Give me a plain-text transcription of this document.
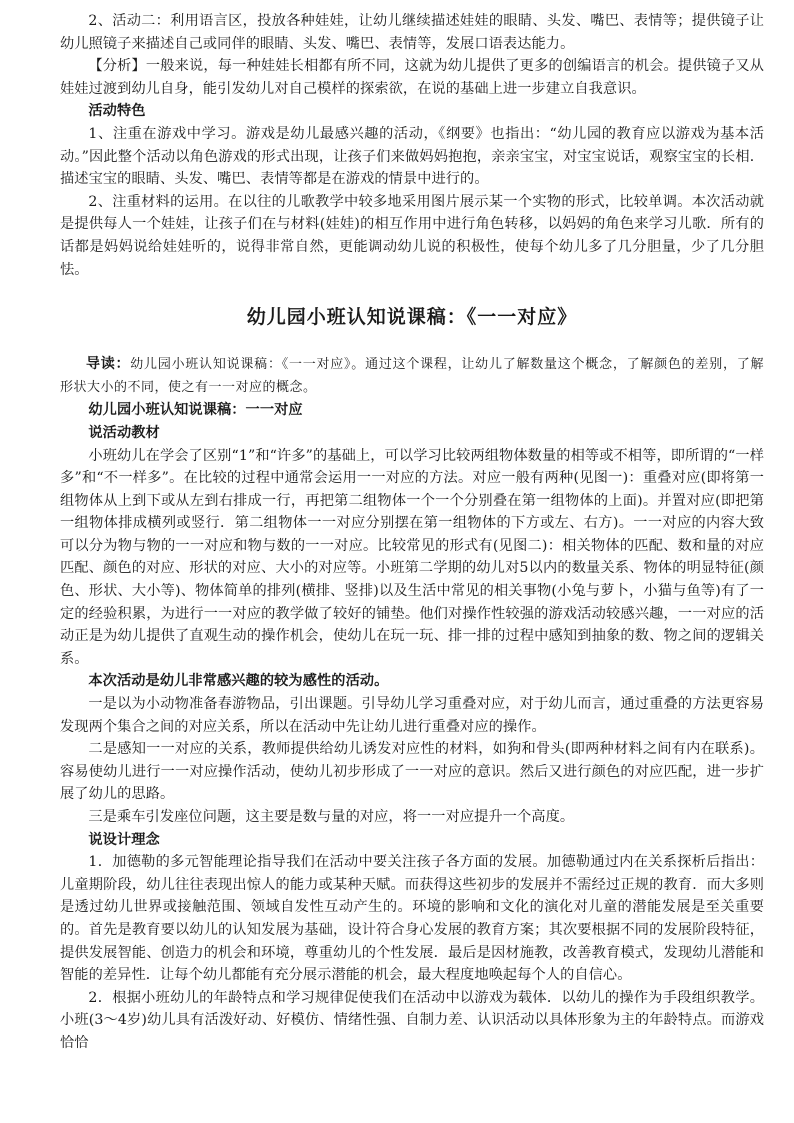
2、活动二：利用语言区，投放各种娃娃，让幼儿继续描述娃娃的眼睛、头发、嘴巴、表情等；提供镜子让幼儿照镜子来描述自己或同伴的眼睛、头发、嘴巴、表情等，发展口语表达能力。

【分析】一般来说，每一种娃娃长相都有所不同，这就为幼儿提供了更多的创编语言的机会。提供镜子又从娃娃过渡到幼儿自身，能引发幼儿对自己模样的探索欲，在说的基础上进一步建立自我意识。

活动特色

1、注重在游戏中学习。游戏是幼儿最感兴趣的活动，《纲要》也指出：“幼儿园的教育应以游戏为基本活动。”因此整个活动以角色游戏的形式出现，让孩子们来做妈妈抱抱，亲亲宝宝，对宝宝说话，观察宝宝的长相．描述宝宝的眼睛、头发、嘴巴、表情等都是在游戏的情景中进行的。

2、注重材料的运用。在以往的儿歌教学中较多地采用图片展示某一个实物的形式，比较单调。本次活动就是提供每人一个娃娃，让孩子们在与材料(娃娃)的相互作用中进行角色转移，以妈妈的角色来学习儿歌．所有的话都是妈妈说给娃娃听的，说得非常自然，更能调动幼儿说的积极性，使每个幼儿多了几分胆量，少了几分胆怯。

幼儿园小班认知说课稿：《一一对应》

导读：幼儿园小班认知说课稿：《一一对应》。通过这个课程，让幼儿了解数量这个概念，了解颜色的差别，了解形状大小的不同，使之有一一对应的概念。

幼儿园小班认知说课稿：一一对应

说活动教材

小班幼儿在学会了区别“1”和“许多”的基础上，可以学习比较两组物体数量的相等或不相等，即所谓的“一样多”和“不一样多”。在比较的过程中通常会运用一一对应的方法。对应一般有两种(见图一)：重叠对应(即将第一组物体从上到下或从左到右排成一行，再把第二组物体一个一个分别叠在第一组物体的上面)。并置对应(即把第一组物体排成横列或竖行．第二组物体一一对应分别摆在第一组物体的下方或左、右方)。一一对应的内容大致可以分为物与物的一一对应和物与数的一一对应。比较常见的形式有(见图二)：相关物体的匹配、数和量的对应匹配、颜色的对应、形状的对应、大小的对应等。小班第二学期的幼儿对5以内的数量关系、物体的明显特征(颜色、形状、大小等)、物体简单的排列(横排、竖排)以及生活中常见的相关事物(小兔与萝卜，小猫与鱼等)有了一定的经验积累，为进行一一对应的教学做了较好的铺垫。他们对操作性较强的游戏活动较感兴趣，一一对应的活动正是为幼儿提供了直观生动的操作机会，使幼儿在玩一玩、排一排的过程中感知到抽象的数、物之间的逻辑关系。

本次活动是幼儿非常感兴趣的较为感性的活动。

一是以为小动物准备春游物品，引出课题。引导幼儿学习重叠对应，对于幼儿而言，通过重叠的方法更容易发现两个集合之间的对应关系，所以在活动中先让幼儿进行重叠对应的操作。

二是感知一一对应的关系，教师提供给幼儿诱发对应性的材料，如狗和骨头(即两种材料之间有内在联系)。容易使幼儿进行一一对应操作活动，使幼儿初步形成了一一对应的意识。然后又进行颜色的对应匹配，进一步扩展了幼儿的思路。

三是乘车引发座位问题，这主要是数与量的对应，将一一对应提升一个高度。

说设计理念

1．加德勒的多元智能理论指导我们在活动中要关注孩子各方面的发展。加德勒通过内在关系探析后指出：儿童期阶段，幼儿往往表现出惊人的能力或某种天赋。而获得这些初步的发展并不需经过正规的教育．而大多则是透过幼儿世界或接触范围、领域自发性互动产生的。环境的影响和文化的演化对儿童的潜能发展是至关重要的。首先是教育要以幼儿的认知发展为基础，设计符合身心发展的教育方案；其次要根据不同的发展阶段特征，提供发展智能、创造力的机会和环境，尊重幼儿的个性发展．最后是因材施教，改善教育模式，发现幼儿潜能和智能的差异性．让每个幼儿都能有充分展示潜能的机会，最大程度地唤起每个人的自信心。

2．根据小班幼儿的年龄特点和学习规律促使我们在活动中以游戏为载体．以幼儿的操作为手段组织教学。小班(3～4岁)幼儿具有活泼好动、好模仿、情绪性强、自制力差、认识活动以具体形象为主的年龄特点。而游戏恰恰
